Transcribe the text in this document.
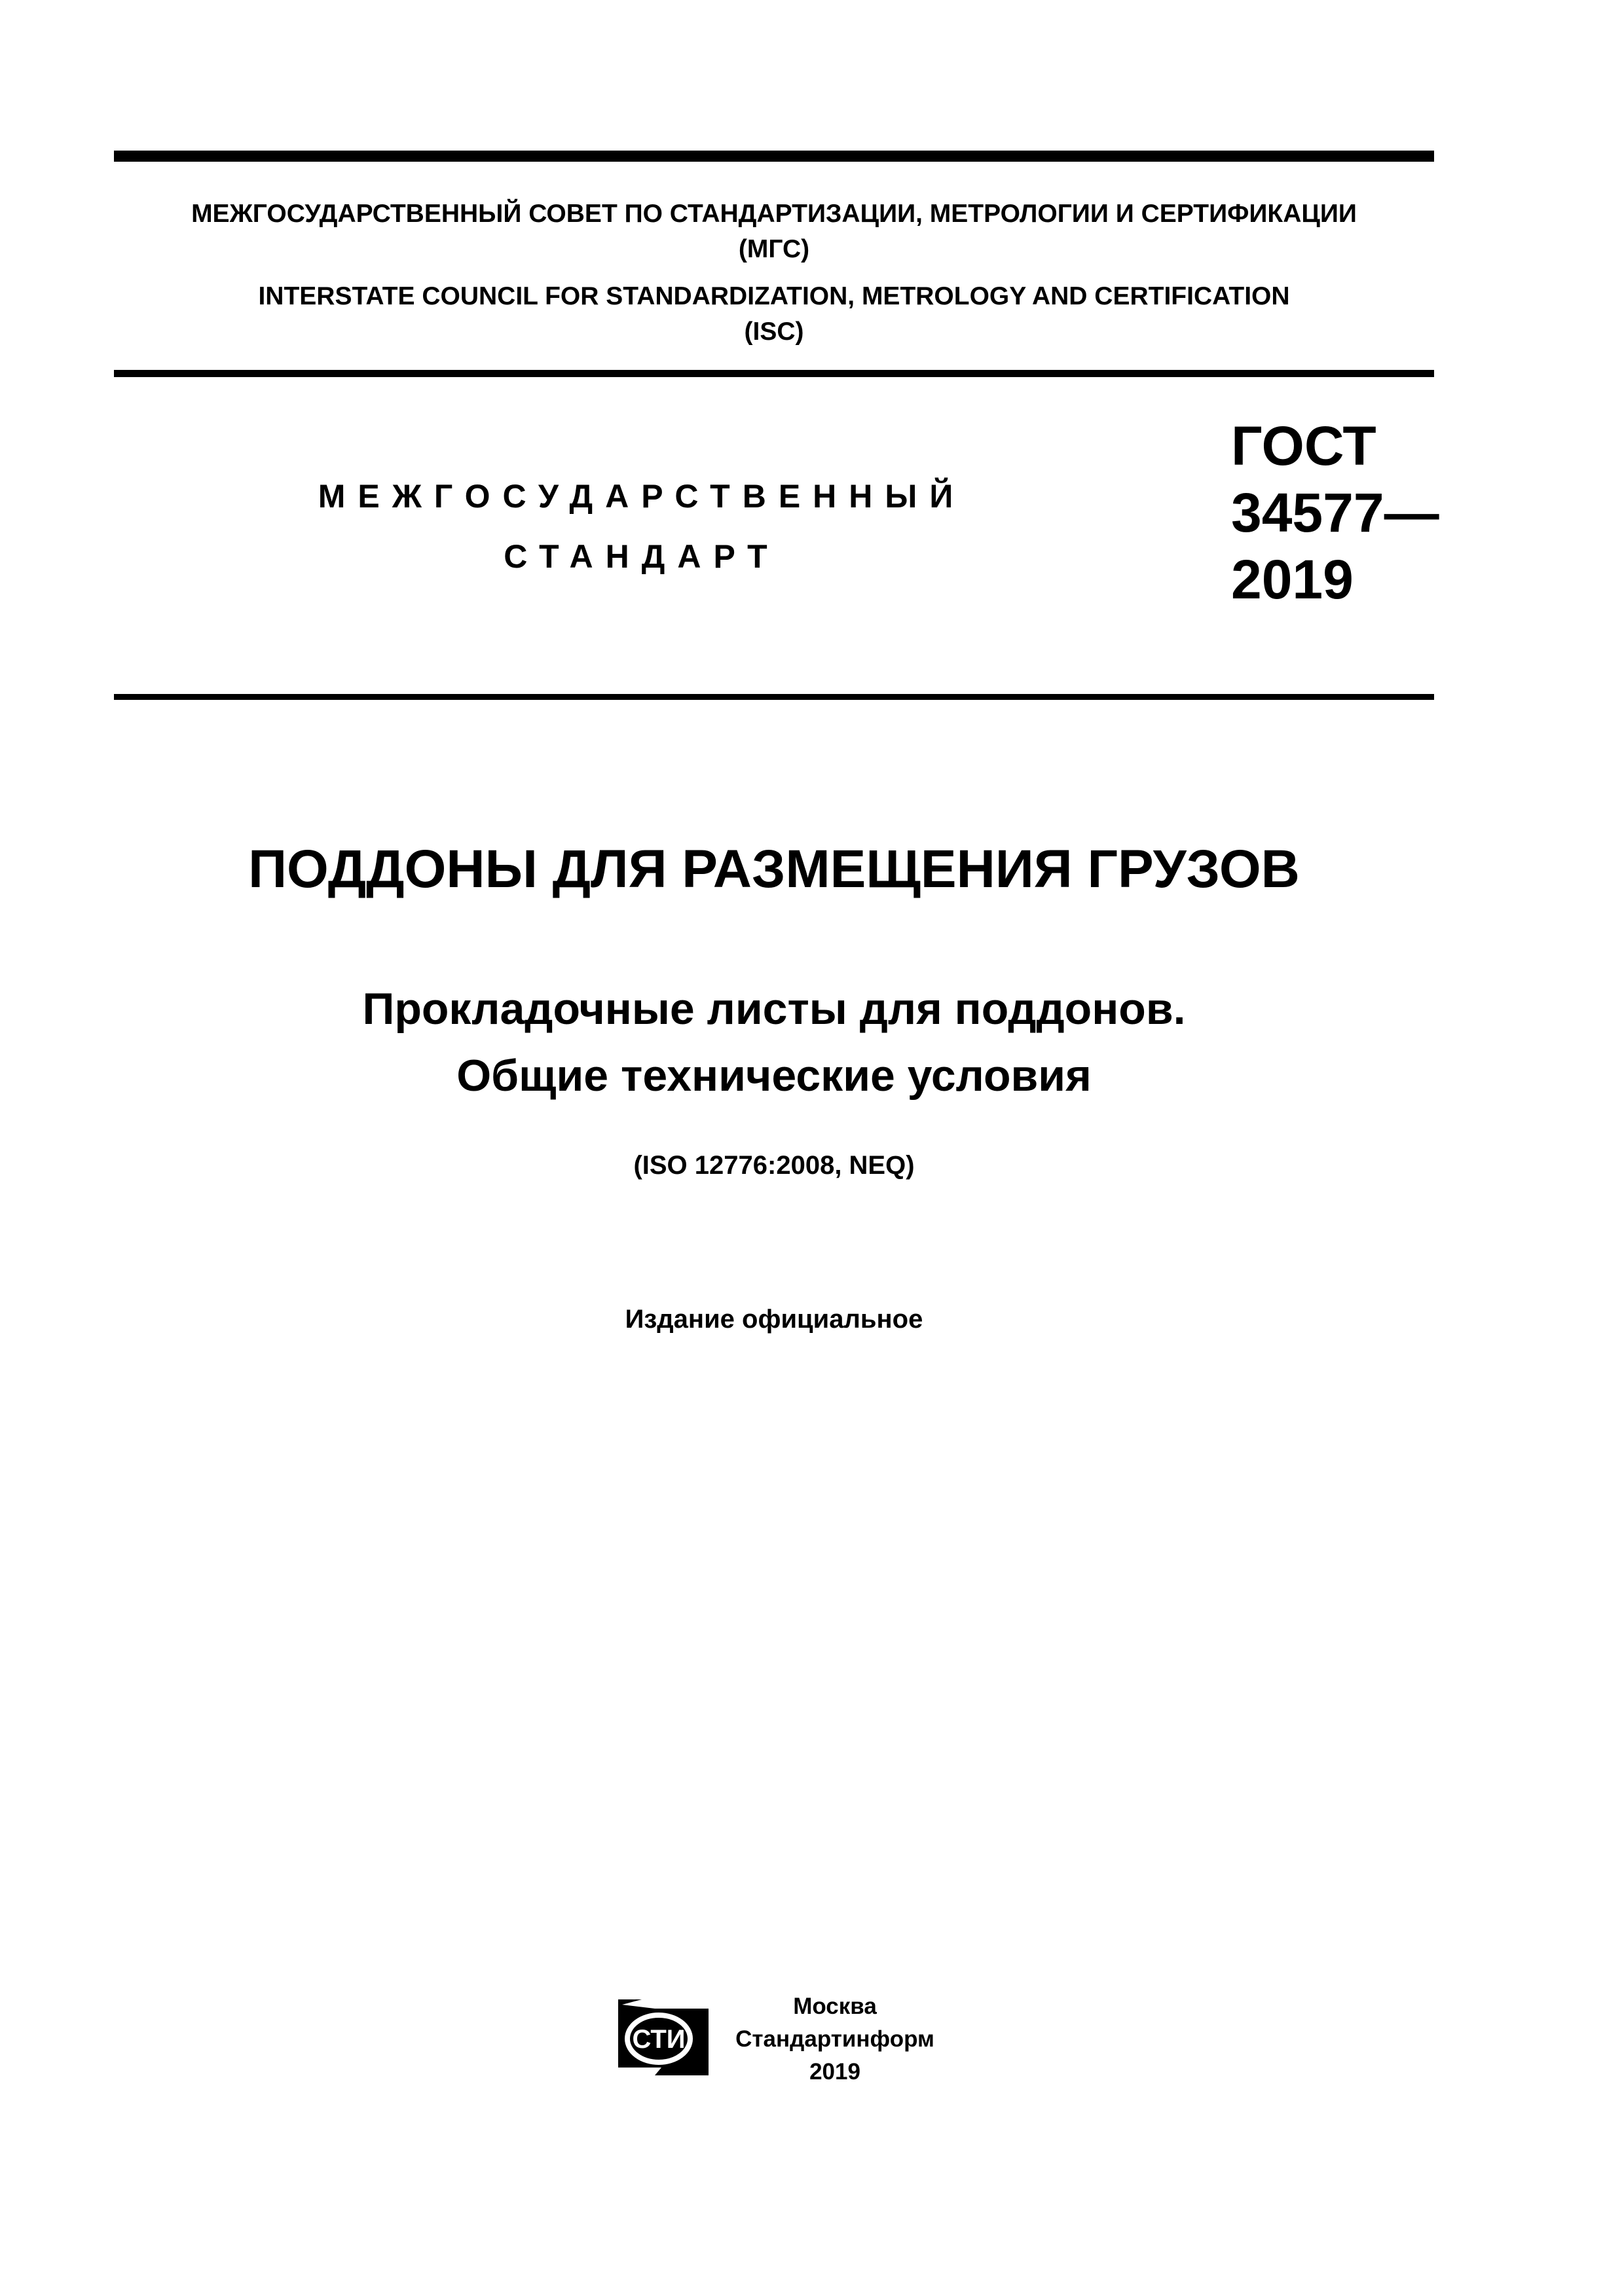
МЕЖГОСУДАРСТВЕННЫЙ СОВЕТ ПО СТАНДАРТИЗАЦИИ, МЕТРОЛОГИИ И СЕРТИФИКАЦИИ
(МГС)
INTERSTATE COUNCIL FOR STANDARDIZATION, METROLOGY AND CERTIFICATION
(ISC)
МЕЖГОСУДАРСТВЕННЫЙ
СТАНДАРТ
ГОСТ
34577—
2019
ПОДДОНЫ ДЛЯ РАЗМЕЩЕНИЯ ГРУЗОВ
Прокладочные листы для поддонов.
Общие технические условия
(ISO 12776:2008, NEQ)
Издание официальное
СТИ
Москва
Стандартинформ
2019
